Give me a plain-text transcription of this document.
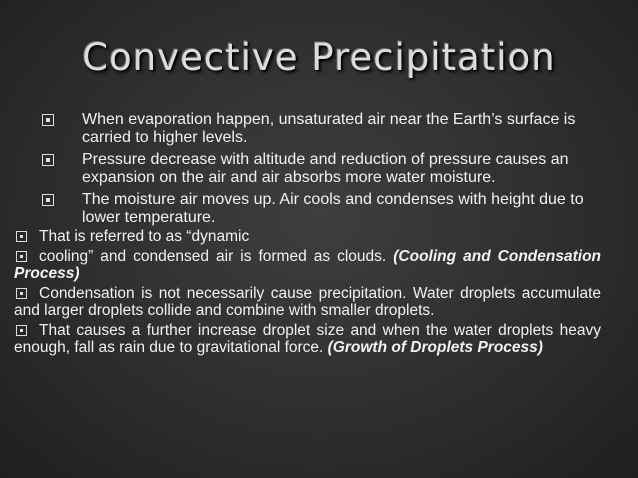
Convective Precipitation
When evaporation happen, unsaturated air near the Earth’s surface is carried to higher levels.
Pressure decrease with altitude and reduction of pressure causes an expansion on the air and air absorbs more water moisture.
The moisture air moves up. Air cools and condenses with height due to lower temperature.
That is referred to as “dynamic
cooling” and condensed air is formed as clouds. (Cooling and Condensation Process)
Condensation is not necessarily cause precipitation. Water droplets accumulate and larger droplets collide and combine with smaller droplets.
That causes a further increase droplet size and when the water droplets heavy enough, fall as rain due to gravitational force. (Growth of Droplets Process)
